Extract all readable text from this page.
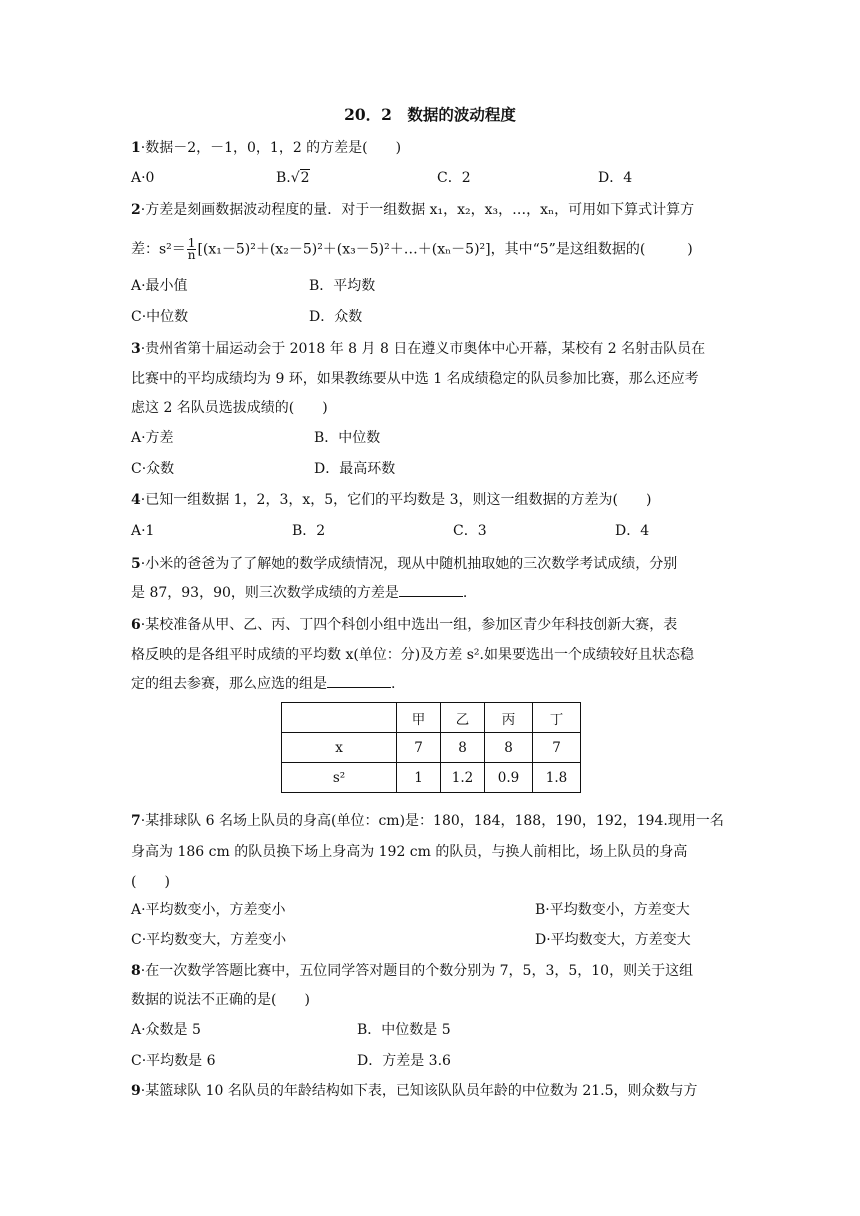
20．2　数据的波动程度
1·数据－2，－1，0，1，2 的方差是(　　)
A·0	B.√2	C．2	D．4
2·方差是刻画数据波动程度的量．对于一组数据 x₁，x₂，x₃，…，xₙ，可用如下算式计算方
差：$s^2= \frac{1}{n}$ [(x₁－5)²＋(x₂－5)²＋(x₃－5)²＋…＋(xₙ－5)²]，其中“5”是这组数据的(　　　)
A·最小值	B．平均数
C·中位数	D．众数
3·贵州省第十届运动会于 2018 年 8 月 8 日在遵义市奥体中心开幕，某校有 2 名射击队员在
比赛中的平均成绩均为 9 环，如果教练要从中选 1 名成绩稳定的队员参加比赛，那么还应考
虑这 2 名队员选拔成绩的(　　)
A·方差	B．中位数
C·众数	D．最高环数
4·已知一组数据 1，2，3，x，5，它们的平均数是 3，则这一组数据的方差为(　　)
A·1	B．2	C．3	D．4
5·小米的爸爸为了了解她的数学成绩情况，现从中随机抽取她的三次数学考试成绩，分别
是 87，93，90，则三次数学成绩的方差是	.
6·某校准备从甲、乙、丙、丁四个科创小组中选出一组，参加区青少年科技创新大赛，表
格反映的是各组平时成绩的平均数 x(单位：分)及方差 s².如果要选出一个成绩较好且状态稳
定的组去参赛，那么应选的组是	.
	甲	乙	丙	丁
x	7	8	8	7
s²	1	1.2	0.9	1.8
7·某排球队 6 名场上队员的身高(单位：cm)是：180，184，188，190，192，194.现用一名
身高为 186 cm 的队员换下场上身高为 192 cm 的队员，与换人前相比，场上队员的身高
(　　)
A·平均数变小，方差变小	B·平均数变小，方差变大
C·平均数变大，方差变小	D·平均数变大，方差变大
8·在一次数学答题比赛中，五位同学答对题目的个数分别为 7，5，3，5，10，则关于这组
数据的说法不正确的是(　　)
A·众数是 5	B．中位数是 5
C·平均数是 6	D．方差是 3.6
9·某篮球队 10 名队员的年龄结构如下表，已知该队队员年龄的中位数为 21.5，则众数与方
